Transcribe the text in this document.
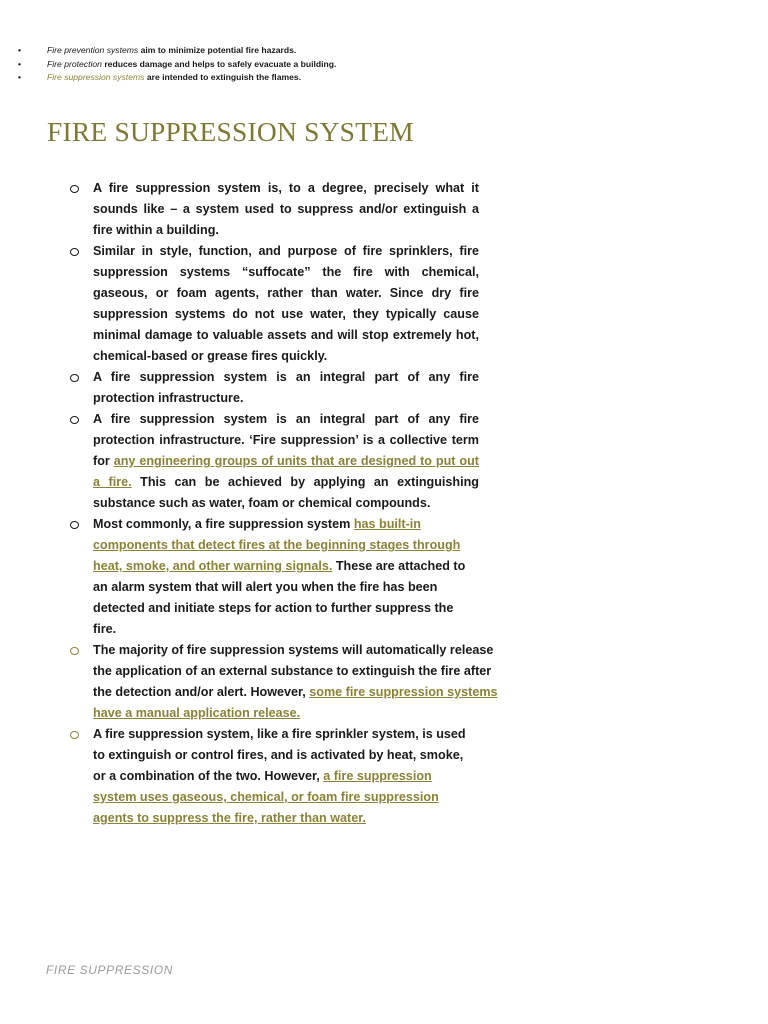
•	Fire prevention systems aim to minimize potential fire hazards.
•	Fire protection reduces damage and helps to safely evacuate a building.
•	Fire suppression systems are intended to extinguish the flames.
FIRE SUPPRESSION SYSTEM

A fire suppression system is, to a degree, precisely what it sounds like – a system used to suppress and/or extinguish a fire within a building.

Similar in style, function, and purpose of fire sprinklers, fire suppression systems “suffocate” the fire with chemical, gaseous, or foam agents, rather than water. Since dry fire suppression systems do not use water, they typically cause minimal damage to valuable assets and will stop extremely hot, chemical-based or grease fires quickly.

A fire suppression system is an integral part of any fire protection infrastructure.

A fire suppression system is an integral part of any fire protection infrastructure. ‘Fire suppression’ is a collective term for any engineering groups of units that are designed to put out a fire. This can be achieved by applying an extinguishing substance such as water, foam or chemical compounds.

Most commonly, a fire suppression system has built-in components that detect fires at the beginning stages through heat, smoke, and other warning signals. These are attached to an alarm system that will alert you when the fire has been detected and initiate steps for action to further suppress the fire.

The majority of fire suppression systems will automatically release the application of an external substance to extinguish the fire after the detection and/or alert. However, some fire suppression systems have a manual application release.

A fire suppression system, like a fire sprinkler system, is used to extinguish or control fires, and is activated by heat, smoke, or a combination of the two. However, a fire suppression system uses gaseous, chemical, or foam fire suppression agents to suppress the fire, rather than water.

FIRE SUPPRESSION
